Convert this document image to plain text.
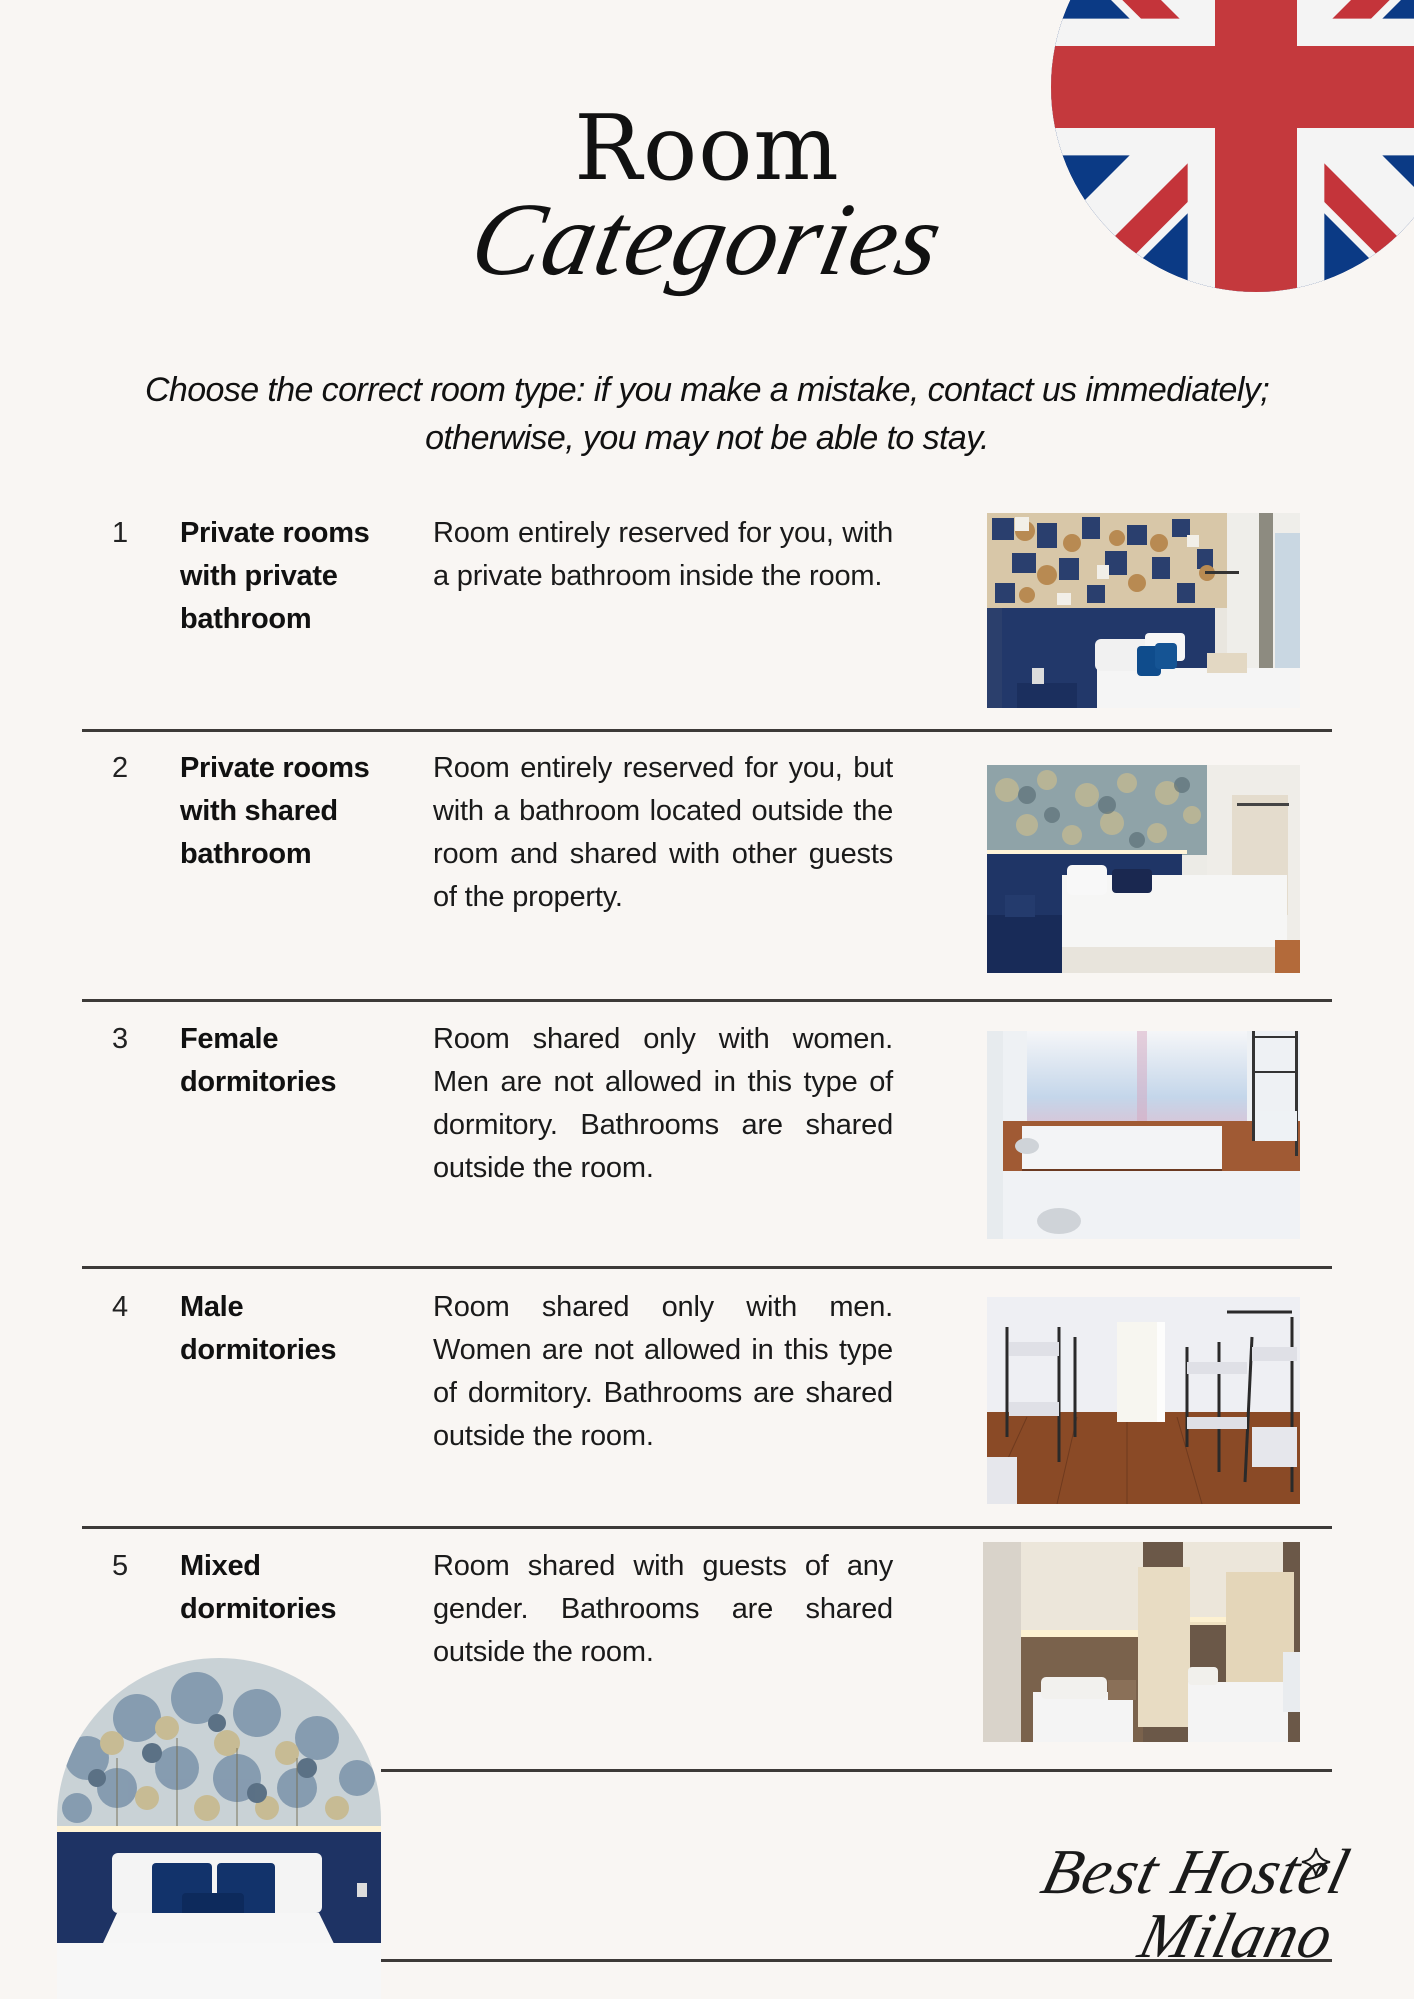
Room
Categories
Choose the correct room type: if you make a mistake, contact us immediately; otherwise, you may not be able to stay.
1 Private rooms with private bathroom
Room entirely reserved for you, with a private bathroom inside the room.
2 Private rooms with shared bathroom
Room entirely reserved for you, but with a bathroom located outside the room and shared with other guests of the property.
3 Female dormitories
Room shared only with women. Men are not allowed in this type of dormitory. Bathrooms are shared outside the room.
4 Male dormitories
Room shared only with men. Women are not allowed in this type of dormitory. Bathrooms are shared outside the room.
5 Mixed dormitories
Room shared with guests of any gender. Bathrooms are shared outside the room.
Best Hostel Milano
